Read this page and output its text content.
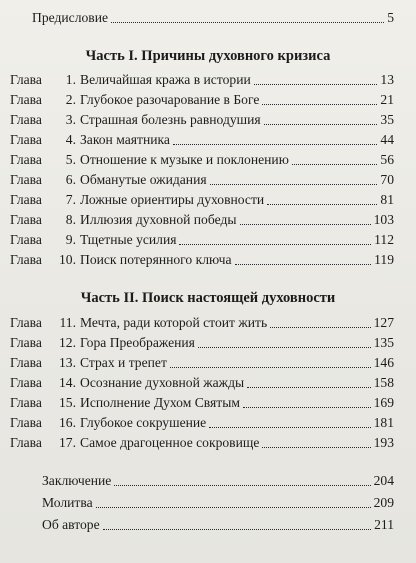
Предисловие	5
Часть I. Причины духовного кризиса
Глава	1. Величайшая кража в истории	13
Глава	2. Глубокое разочарование в Боге	21
Глава	3. Страшная болезнь равнодушия	35
Глава	4. Закон маятника	44
Глава	5. Отношение к музыке и поклонению	56
Глава	6. Обманутые ожидания	70
Глава	7. Ложные ориентиры духовности	81
Глава	8. Иллюзия духовной победы	103
Глава	9. Тщетные усилия	112
Глава	10. Поиск потерянного ключа	119
Часть II. Поиск настоящей духовности
Глава	11. Мечта, ради которой стоит жить	127
Глава	12. Гора Преображения	135
Глава	13. Страх и трепет	146
Глава	14. Осознание духовной жажды	158
Глава	15. Исполнение Духом Святым	169
Глава	16. Глубокое сокрушение	181
Глава	17. Самое драгоценное сокровище	193
Заключение	204
Молитва	209
Об авторе	211
